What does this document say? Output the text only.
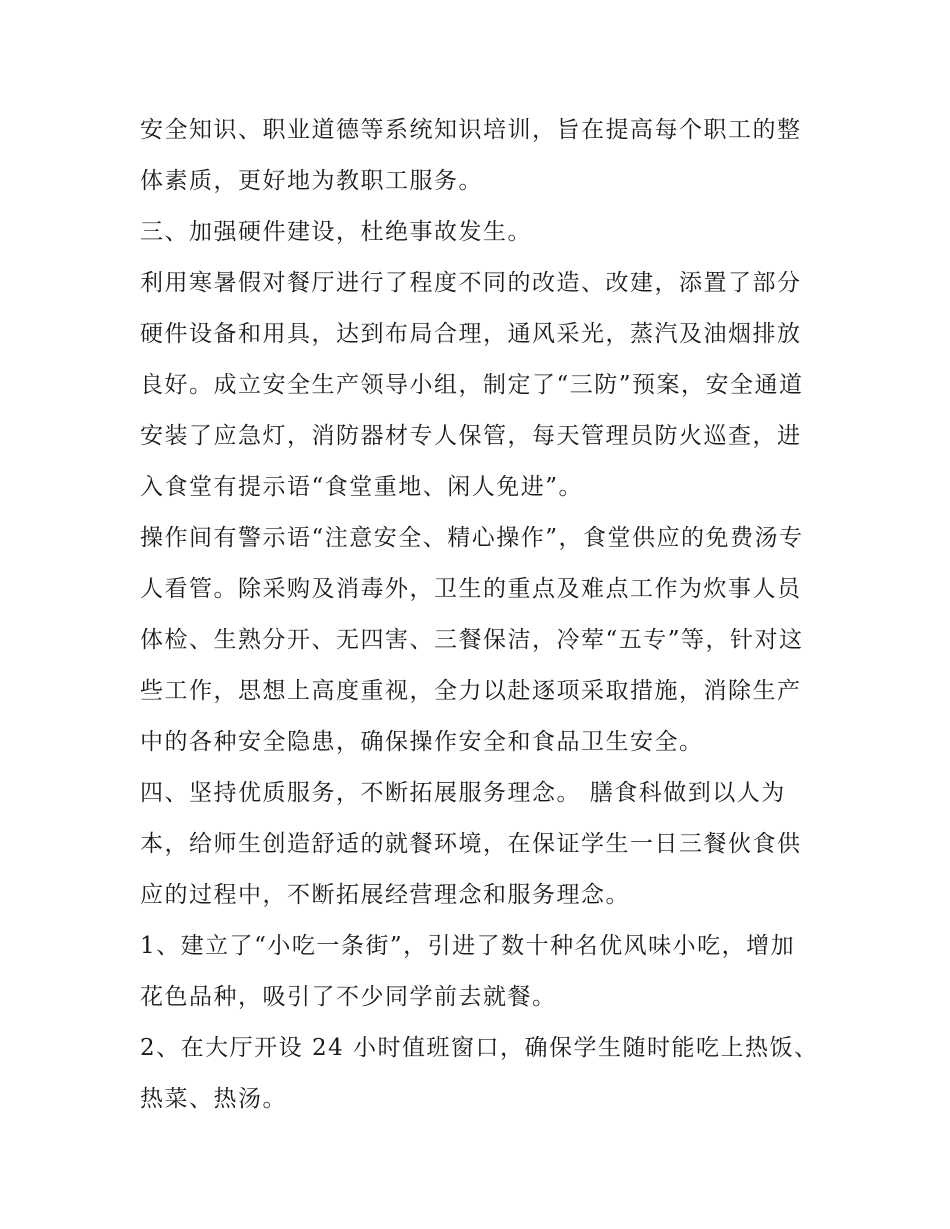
安全知识、职业道德等系统知识培训，旨在提高每个职工的整
体素质，更好地为教职工服务。
三、加强硬件建设，杜绝事故发生。
利用寒暑假对餐厅进行了程度不同的改造、改建，添置了部分
硬件设备和用具，达到布局合理，通风采光，蒸汽及油烟排放
良好。成立安全生产领导小组，制定了“三防”预案，安全通道
安装了应急灯，消防器材专人保管，每天管理员防火巡查，进
入食堂有提示语“食堂重地、闲人免进”。
操作间有警示语“注意安全、精心操作”，食堂供应的免费汤专
人看管。除采购及消毒外，卫生的重点及难点工作为炊事人员
体检、生熟分开、无四害、三餐保洁，冷荤“五专”等，针对这
些工作，思想上高度重视，全力以赴逐项采取措施，消除生产
中的各种安全隐患，确保操作安全和食品卫生安全。
四、坚持优质服务，不断拓展服务理念。 膳食科做到以人为
本，给师生创造舒适的就餐环境，在保证学生一日三餐伙食供
应的过程中，不断拓展经营理念和服务理念。
1、建立了“小吃一条街”，引进了数十种名优风味小吃，增加
花色品种，吸引了不少同学前去就餐。
2、在大厅开设 24 小时值班窗口，确保学生随时能吃上热饭、
热菜、热汤。
